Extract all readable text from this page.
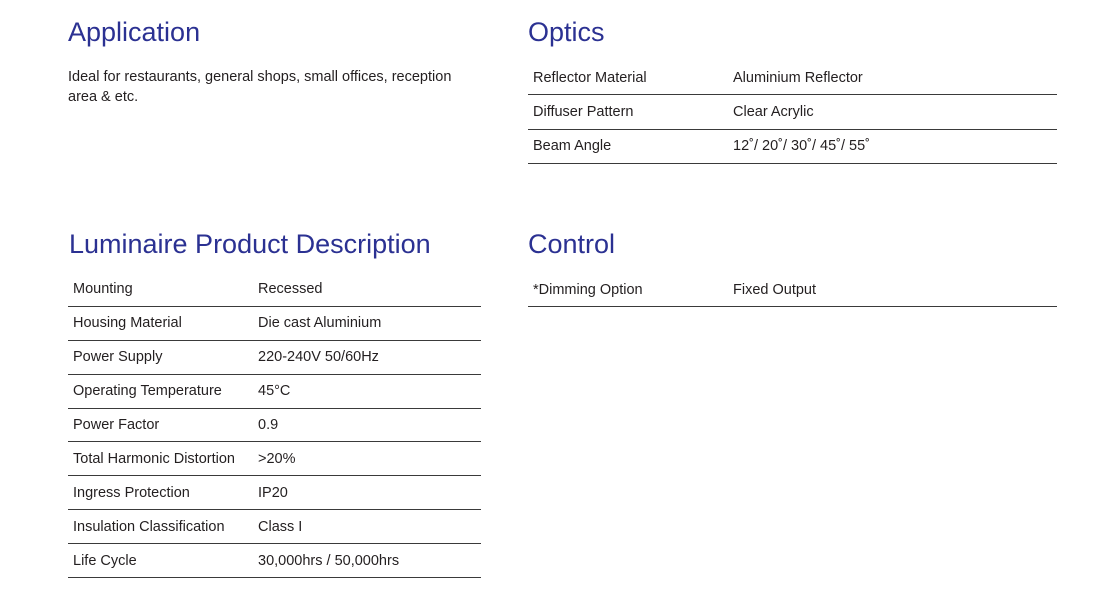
Application

Ideal for restaurants, general shops, small offices, reception
area & etc.

Optics
Reflector Material	Aluminium Reflector
Diffuser Pattern	Clear Acrylic
Beam Angle	12˚/ 20˚/ 30˚/ 45˚/ 55˚
Luminaire Product Description
Mounting	Recessed
Housing Material	Die cast Aluminium
Power Supply	220-240V 50/60Hz
Operating Temperature 45°C
Power Factor	0.9
Total Harmonic Distortion >20%
Ingress Protection	IP20
Insulation Classification Class I
Life Cycle	30,000hrs / 50,000hrs
Control
*Dimming Option	Fixed Output
